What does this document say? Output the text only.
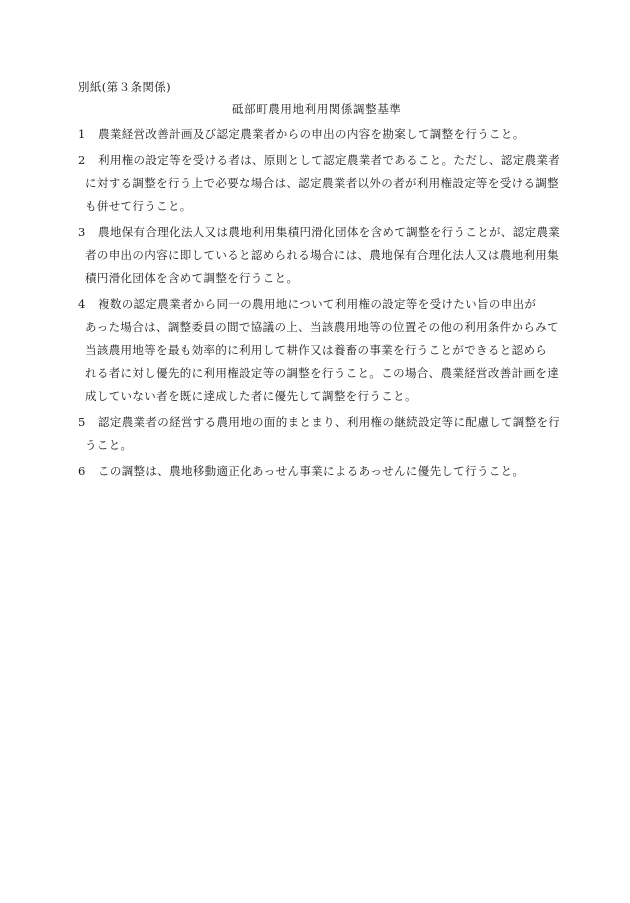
別紙(第３条関係)
砥部町農用地利用関係調整基準
1	農業経営改善計画及び認定農業者からの申出の内容を勘案して調整を行うこと。
2	利用権の設定等を受ける者は、原則として認定農業者であること。ただし、認定農業者
に対する調整を行う上で必要な場合は、認定農業者以外の者が利用権設定等を受ける調整
も併せて行うこと。
3	農地保有合理化法人又は農地利用集積円滑化団体を含めて調整を行うことが、認定農業
者の申出の内容に即していると認められる場合には、農地保有合理化法人又は農地利用集
積円滑化団体を含めて調整を行うこと。
4	複数の認定農業者から同一の農用地について利用権の設定等を受けたい旨の申出が
あった場合は、調整委員の間で協議の上、当該農用地等の位置その他の利用条件からみて
当該農用地等を最も効率的に利用して耕作又は養畜の事業を行うことができると認めら
れる者に対し優先的に利用権設定等の調整を行うこと。この場合、農業経営改善計画を達
成していない者を既に達成した者に優先して調整を行うこと。
5	認定農業者の経営する農用地の面的まとまり、利用権の継続設定等に配慮して調整を行
うこと。
6	この調整は、農地移動適正化あっせん事業によるあっせんに優先して行うこと。
